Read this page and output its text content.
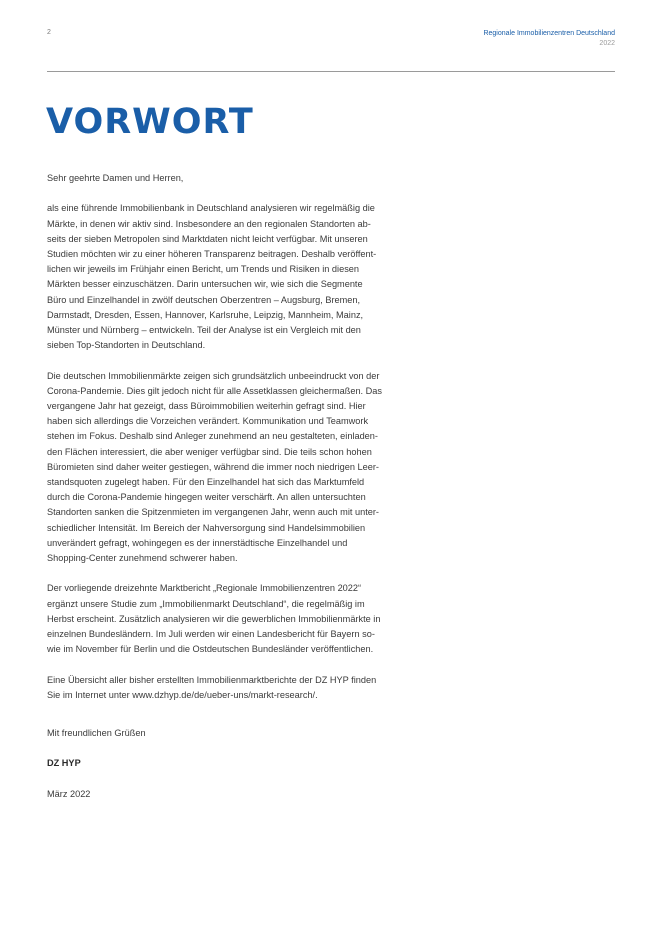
2	Regionale Immobilienzentren Deutschland
2022
VORWORT
Sehr geehrte Damen und Herren,
als eine führende Immobilienbank in Deutschland analysieren wir regelmäßig die
Märkte, in denen wir aktiv sind. Insbesondere an den regionalen Standorten ab-
seits der sieben Metropolen sind Marktdaten nicht leicht verfügbar. Mit unseren
Studien möchten wir zu einer höheren Transparenz beitragen. Deshalb veröffent-
lichen wir jeweils im Frühjahr einen Bericht, um Trends und Risiken in diesen
Märkten besser einzuschätzen. Darin untersuchen wir, wie sich die Segmente
Büro und Einzelhandel in zwölf deutschen Oberzentren – Augsburg, Bremen,
Darmstadt, Dresden, Essen, Hannover, Karlsruhe, Leipzig, Mannheim, Mainz,
Münster und Nürnberg – entwickeln. Teil der Analyse ist ein Vergleich mit den
sieben Top-Standorten in Deutschland.
Die deutschen Immobilienmärkte zeigen sich grundsätzlich unbeeindruckt von der
Corona-Pandemie. Dies gilt jedoch nicht für alle Assetklassen gleichermaßen. Das
vergangene Jahr hat gezeigt, dass Büroimmobilien weiterhin gefragt sind. Hier
haben sich allerdings die Vorzeichen verändert. Kommunikation und Teamwork
stehen im Fokus. Deshalb sind Anleger zunehmend an neu gestalteten, einladen-
den Flächen interessiert, die aber weniger verfügbar sind. Die teils schon hohen
Büromieten sind daher weiter gestiegen, während die immer noch niedrigen Leer-
standsquoten zugelegt haben. Für den Einzelhandel hat sich das Marktumfeld
durch die Corona-Pandemie hingegen weiter verschärft. An allen untersuchten
Standorten sanken die Spitzenmieten im vergangenen Jahr, wenn auch mit unter-
schiedlicher Intensität. Im Bereich der Nahversorgung sind Handelsimmobilien
unverändert gefragt, wohingegen es der innerstädtische Einzelhandel und
Shopping-Center zunehmend schwerer haben.
Der vorliegende dreizehnte Marktbericht „Regionale Immobilienzentren 2022“
ergänzt unsere Studie zum „Immobilienmarkt Deutschland“, die regelmäßig im
Herbst erscheint. Zusätzlich analysieren wir die gewerblichen Immobilienmärkte in
einzelnen Bundesländern. Im Juli werden wir einen Landesbericht für Bayern so-
wie im November für Berlin und die Ostdeutschen Bundesländer veröffentlichen.
Eine Übersicht aller bisher erstellten Immobilienmarktberichte der DZ HYP finden
Sie im Internet unter www.dzhyp.de/de/ueber-uns/markt-research/.
Mit freundlichen Grüßen
DZ HYP
März 2022
